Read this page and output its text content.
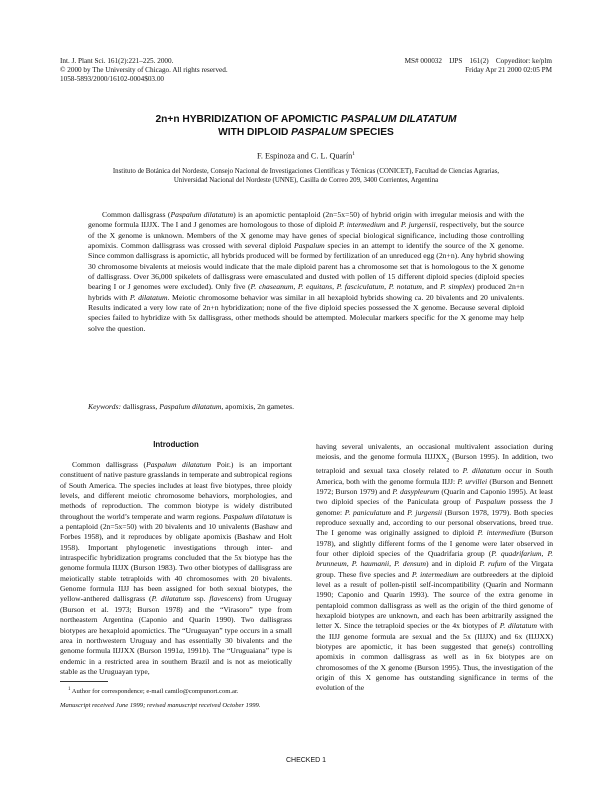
Int. J. Plant Sci. 161(2):221–225. 2000.
© 2000 by The University of Chicago. All rights reserved.
1058-5893/2000/16102-0004$03.00
MS# 000032    IJPS    161(2)    Copyeditor: ke/plm
Friday Apr 21 2000 02:05 PM
2n+n HYBRIDIZATION OF APOMICTIC PASPALUM DILATATUM
WITH DIPLOID PASPALUM SPECIES
F. Espinoza and C. L. Quarín$^1$
Instituto de Botánica del Nordeste, Consejo Nacional de Investigaciones Científicas y Técnicas (CONICET), Facultad de Ciencias Agrarias,
Universidad Nacional del Nordeste (UNNE), Casilla de Correo 209, 3400 Corrientes, Argentina

Common dallisgrass (Paspalum dilatatum) is an apomictic pentaploid (2n=5x=50) of hybrid origin with irregular meiosis and with the genome formula IIJJX. The I and J genomes are homologous to those of diploid P. intermedium and P. jurgensii, respectively, but the source of the X genome is unknown. Members of the X genome may have genes of special biological significance, including those controlling apomixis. Common dallisgrass was crossed with several diploid Paspalum species in an attempt to identify the source of the X genome. Since common dallisgrass is apomictic, all hybrids produced will be formed by fertilization of an unreduced egg (2n+n). Any hybrid showing 30 chromosome bivalents at meiosis would indicate that the male diploid parent has a chromosome set that is homologous to the X genome of dallisgrass. Over 36,000 spikelets of dallisgrass were emasculated and dusted with pollen of 15 different diploid species (diploid species bearing I or J genomes were excluded). Only five (P. chaseanum, P. equitans, P. fasciculatum, P. notatum, and P. simplex) produced 2n+n hybrids with P. dilatatum. Meiotic chromosome behavior was similar in all hexaploid hybrids showing ca. 20 bivalents and 20 univalents. Results indicated a very low rate of 2n+n hybridization; none of the five diploid species possessed the X genome. Because several diploid species failed to hybridize with 5x dallisgrass, other methods should be attempted. Molecular markers specific for the X genome may help solve the question.

Keywords: dallisgrass, Paspalum dilatatum, apomixis, 2n gametes.

Introduction

Common dallisgrass (Paspalum dilatatum Poir.) is an important constituent of native pasture grasslands in temperate and subtropical regions of South America. The species includes at least five biotypes, three ploidy levels, and different meiotic chromosome behaviors, morphologies, and methods of reproduction. The common biotype is widely distributed throughout the world’s temperate and warm regions. Paspalum dilatatum is a pentaploid (2n=5x=50) with 20 bivalents and 10 univalents (Bashaw and Forbes 1958), and it reproduces by obligate apomixis (Bashaw and Holt 1958). Important phylogenetic investigations through inter- and intraspecific hybridization programs concluded that the 5x biotype has the genome formula IIJJX (Burson 1983). Two other biotypes of dallisgrass are meiotically stable tetraploids with 40 chromosomes with 20 bivalents. Genome formula IIJJ has been assigned for both sexual biotypes, the yellow-anthered dallisgrass (P. dilatatum ssp. flavescens) from Uruguay (Burson et al. 1973; Burson 1978) and the “Virasoro” type from northeastern Argentina (Caponio and Quarín 1990). Two dallisgrass biotypes are hexaploid apomictics. The “Uruguayan” type occurs in a small area in northwestern Uruguay and has essentially 30 bivalents and the genome formula IIJJXX (Burson 1991a, 1991b). The “Uruguaiana” type is endemic in a restricted area in southern Brazil and is not as meiotically stable as the Uruguayan type,

having several univalents, an occasional multivalent association during meiosis, and the genome formula $IIJJXX_2$ (Burson 1995). In addition, two tetraploid and sexual taxa closely related to P. dilatatum occur in South America, both with the genome formula IIJJ: P. urvillei (Burson and Bennett 1972; Burson 1979) and P. dasypleurum (Quarín and Caponio 1995). At least two diploid species of the Paniculata group of Paspalum possess the J genome: P. paniculatum and P. jurgensii (Burson 1978, 1979). Both species reproduce sexually and, according to our personal observations, breed true. The I genome was originally assigned to diploid P. intermedium (Burson 1978), and slightly different forms of the I genome were later observed in four other diploid species of the Quadrifaria group (P. quadrifarium, P. brunneum, P. haumanii, P. densum) and in diploid P. rufum of the Virgata group. These five species and P. intermedium are outbreeders at the diploid level as a result of pollen-pistil self-incompatibility (Quarín and Normann 1990; Caponio and Quarín 1993). The source of the extra genome in pentaploid common dallisgrass as well as the origin of the third genome of hexaploid biotypes are unknown, and each has been arbitrarily assigned the letter X. Since the tetraploid species or the 4x biotypes of P. dilatatum with the IIJJ genome formula are sexual and the 5x (IIJJX) and 6x (IIJJXX) biotypes are apomictic, it has been suggested that gene(s) controlling apomixis in common dallisgrass as well as in 6x biotypes are on chromosomes of the X genome (Burson 1995). Thus, the investigation of the origin of this X genome has outstanding significance in terms of the evolution of the

$^1$ Author for correspondence; e-mail camilo@compunort.com.ar.

Manuscript received June 1999; revised manuscript received October 1999.

CHECKED 1
